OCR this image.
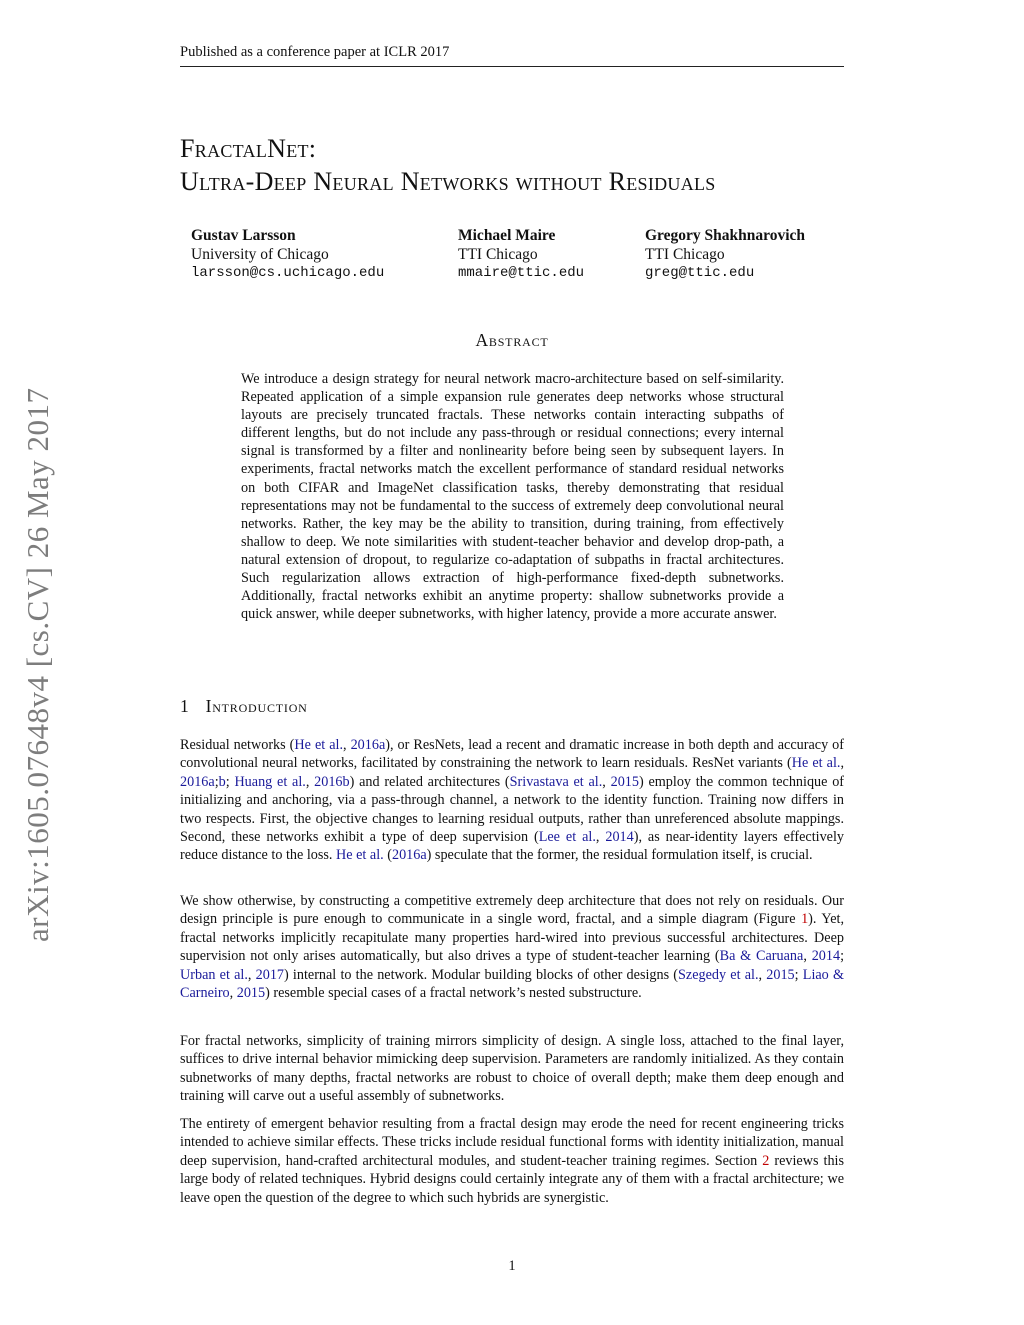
Published as a conference paper at ICLR 2017
FractalNet:
Ultra-Deep Neural Networks without Residuals
Gustav Larsson
University of Chicago
larsson@cs.uchicago.edu
Michael Maire
TTI Chicago
mmaire@ttic.edu
Gregory Shakhnarovich
TTI Chicago
greg@ttic.edu
Abstract
We introduce a design strategy for neural network macro-architecture based on self-similarity. Repeated application of a simple expansion rule generates deep networks whose structural layouts are precisely truncated fractals. These networks contain interacting subpaths of different lengths, but do not include any pass-through or residual connections; every internal signal is transformed by a filter and nonlinearity before being seen by subsequent layers. In experiments, fractal networks match the excellent performance of standard residual networks on both CIFAR and ImageNet classification tasks, thereby demonstrating that residual representations may not be fundamental to the success of extremely deep convolutional neural networks. Rather, the key may be the ability to transition, during training, from effectively shallow to deep. We note similarities with student-teacher behavior and develop drop-path, a natural extension of dropout, to regularize co-adaptation of subpaths in fractal architectures. Such regularization allows extraction of high-performance fixed-depth subnetworks. Additionally, fractal networks exhibit an anytime property: shallow subnetworks provide a quick answer, while deeper subnetworks, with higher latency, provide a more accurate answer.
1 Introduction
Residual networks (He et al., 2016a), or ResNets, lead a recent and dramatic increase in both depth and accuracy of convolutional neural networks, facilitated by constraining the network to learn residuals. ResNet variants (He et al., 2016a;b; Huang et al., 2016b) and related architectures (Srivastava et al., 2015) employ the common technique of initializing and anchoring, via a pass-through channel, a network to the identity function. Training now differs in two respects. First, the objective changes to learning residual outputs, rather than unreferenced absolute mappings. Second, these networks exhibit a type of deep supervision (Lee et al., 2014), as near-identity layers effectively reduce distance to the loss. He et al. (2016a) speculate that the former, the residual formulation itself, is crucial.
We show otherwise, by constructing a competitive extremely deep architecture that does not rely on residuals. Our design principle is pure enough to communicate in a single word, fractal, and a simple diagram (Figure 1). Yet, fractal networks implicitly recapitulate many properties hard-wired into previous successful architectures. Deep supervision not only arises automatically, but also drives a type of student-teacher learning (Ba & Caruana, 2014; Urban et al., 2017) internal to the network. Modular building blocks of other designs (Szegedy et al., 2015; Liao & Carneiro, 2015) resemble special cases of a fractal network’s nested substructure.
For fractal networks, simplicity of training mirrors simplicity of design. A single loss, attached to the final layer, suffices to drive internal behavior mimicking deep supervision. Parameters are randomly initialized. As they contain subnetworks of many depths, fractal networks are robust to choice of overall depth; make them deep enough and training will carve out a useful assembly of subnetworks.
The entirety of emergent behavior resulting from a fractal design may erode the need for recent engineering tricks intended to achieve similar effects. These tricks include residual functional forms with identity initialization, manual deep supervision, hand-crafted architectural modules, and student-teacher training regimes. Section 2 reviews this large body of related techniques. Hybrid designs could certainly integrate any of them with a fractal architecture; we leave open the question of the degree to which such hybrids are synergistic.
1
arXiv:1605.07648v4 [cs.CV] 26 May 2017
